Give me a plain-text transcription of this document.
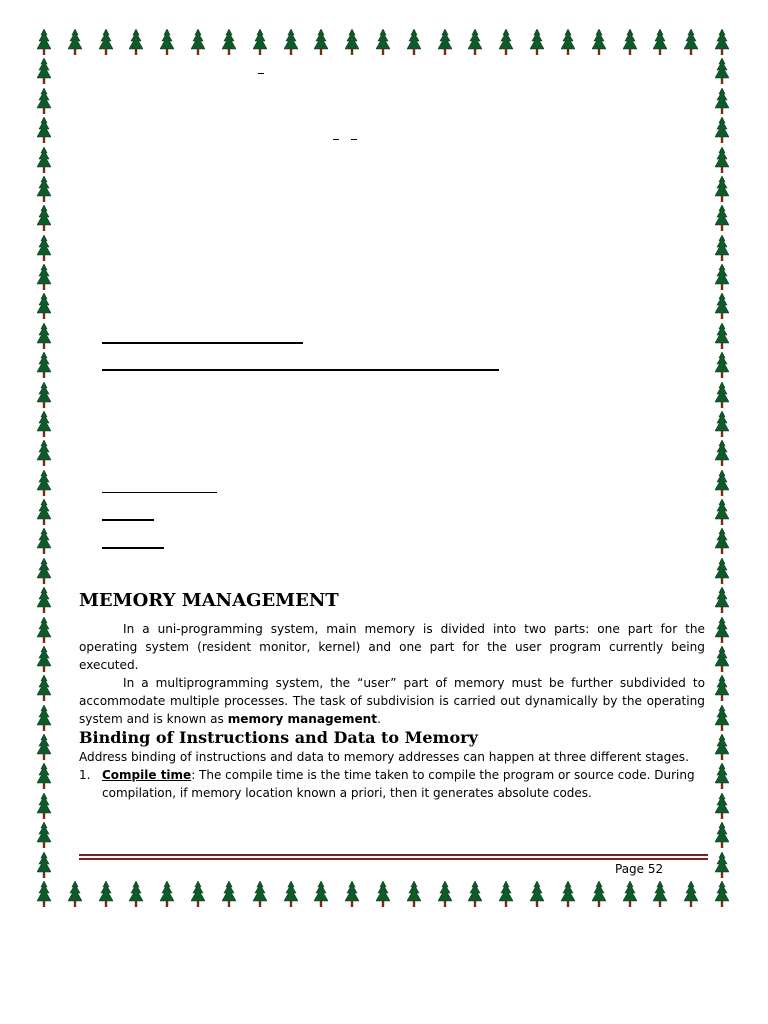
MEMORY MANAGEMENT

In a uni-programming system, main memory is divided into two parts: one part for the operating system (resident monitor, kernel) and one part for the user program currently being executed.

In a multiprogramming system, the “user” part of memory must be further subdivided to accommodate multiple processes. The task of subdivision is carried out dynamically by the operating system and is known as memory management.

Binding of Instructions and Data to Memory

Address binding of instructions and data to memory addresses can happen at three different stages.

1. Compile time: The compile time is the time taken to compile the program or source code. During compilation, if memory location known a priori, then it generates absolute codes.
Page 52
